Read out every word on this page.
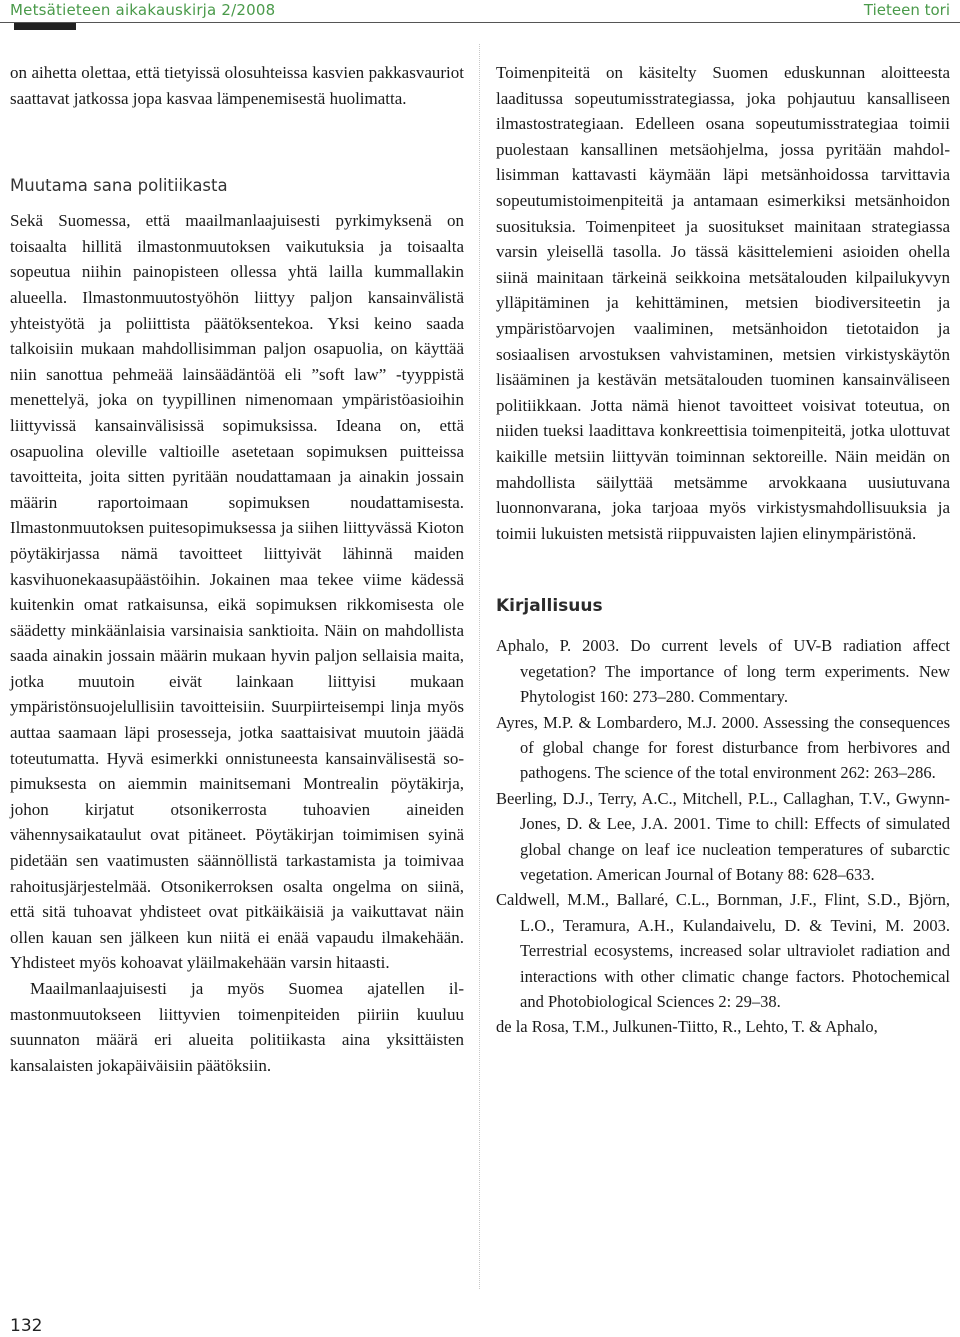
Metsätieteen aikakauskirja 2/2008	Tieteen tori

on aihetta olettaa, että tietyissä olosuhteissa kasvien pakkasvauriot saattavat jatkossa jopa kasvaa lämpenemisestä huolimatta.

Muutama sana politiikasta

Sekä Suomessa, että maailmanlaajuisesti pyrkimyksenä on toisaalta hillitä ilmastonmuutoksen vaikutuksia ja toisaalta sopeutua niihin painopisteen ollessa yhtä lailla kummallakin alueella. Ilmastonmuutostyöhön liittyy paljon kansainvälistä yhteistyötä ja poliittista päätöksentekoa. Yksi keino saada talkoisiin mukaan mahdollisimman paljon osapuolia, on käyttää niin sanottua pehmeää lainsäädäntöä eli ”soft law” -tyyppistä menettelyä, joka on tyypillinen nimenomaan ympäristöasioihin liittyvissä kansainvälisissä sopimuksissa. Ideana on, että osapuolina oleville valtioille asetetaan sopimuksen puitteissa tavoitteita, joita sitten pyritään noudattamaan ja ainakin jossain määrin raportoimaan sopimuksen noudattamisesta. Ilmastonmuutoksen puitesopimuksessa ja siihen liittyvässä Kioton pöytäkirjassa nämä tavoitteet liittyivät lähinnä maiden kasvihuonekaasupäästöihin. Jokainen maa tekee viime kädessä kuitenkin omat ratkaisunsa, eikä sopimuksen rikkomisesta ole säädetty minkäänlaisia varsinaisia sanktioita. Näin on mahdollista saada ainakin jossain määrin mukaan hyvin paljon sellaisia maita, jotka muutoin eivät lainkaan liittyisi mukaan ympäristönsuojelullisiin tavoitteisiin. Suurpiirteisempi linja myös auttaa saamaan läpi prosesseja, jotka saattaisivat muutoin jäädä toteutumatta. Hyvä esimerkki onnistuneesta kansainvälisestä sopimuksesta on aiemmin mainitsemani Montrealin pöytäkirja, johon kirjatut otsonikerrosta tuhoavien aineiden vähennysaikataulut ovat pitäneet. Pöytäkirjan toimimisen syinä pidetään sen vaatimusten säännöllistä tarkastamista ja toimivaa rahoitusjärjestelmää. Otsonikerroksen osalta ongelma on siinä, että sitä tuhoavat yhdisteet ovat pitkäikäisiä ja vaikuttavat näin ollen kauan sen jälkeen kun niitä ei enää vapaudu ilmakehään. Yhdisteet myös kohoavat yläilmakehään varsin hitaasti.

Maailmanlaajuisesti ja myös Suomea ajatellen ilmastonmuutokseen liittyvien toimenpiteiden piiriin kuuluu suunnaton määrä eri alueita politiikasta aina yksittäisten kansalaisten jokapäiväisiin päätöksiin.

Toimenpiteitä on käsitelty Suomen eduskunnan aloitteesta laaditussa sopeutumisstrategiassa, joka pohjautuu kansalliseen ilmastostrategiaan. Edelleen osana sopeutumisstrategiaa toimii puolestaan kansallinen metsäohjelma, jossa pyritään mahdollisimman kattavasti käymään läpi metsänhoidossa tarvittavia sopeutumistoimenpiteitä ja antamaan esimerkiksi metsänhoidon suosituksia. Toimenpiteet ja suositukset mainitaan strategiassa varsin yleisellä tasolla. Jo tässä käsittelemieni asioiden ohella siinä mainitaan tärkeinä seikkoina metsätalouden kilpailukyvyn ylläpitäminen ja kehittäminen, metsien biodiversiteetin ja ympäristöarvojen vaaliminen, metsänhoidon tietotaidon ja sosiaalisen arvostuksen vahvistaminen, metsien virkistyskäytön lisääminen ja kestävän metsätalouden tuominen kansainväliseen politiikkaan. Jotta nämä hienot tavoitteet voisivat toteutua, on niiden tueksi laadittava konkreettisia toimenpiteitä, jotka ulottuvat kaikille metsiin liittyvän toiminnan sektoreille. Näin meidän on mahdollista säilyttää metsämme arvokkaana uusiutuvana luonnonvarana, joka tarjoaa myös virkistysmahdollisuuksia ja toimii lukuisten metsistä riippuvaisten lajien elinympäristönä.

Kirjallisuus

Aphalo, P. 2003. Do current levels of UV-B radiation affect vegetation? The importance of long term experiments. New Phytologist 160: 273–280. Commentary.

Ayres, M.P. & Lombardero, M.J. 2000. Assessing the consequences of global change for forest disturbance from herbivores and pathogens. The science of the total environment 262: 263–286.

Beerling, D.J., Terry, A.C., Mitchell, P.L., Callaghan, T.V., Gwynn-Jones, D. & Lee, J.A. 2001. Time to chill: Effects of simulated global change on leaf ice nucleation temperatures of subarctic vegetation. American Journal of Botany 88: 628–633.

Caldwell, M.M., Ballaré, C.L., Bornman, J.F., Flint, S.D., Björn, L.O., Teramura, A.H., Kulandaivelu, D. & Tevini, M. 2003. Terrestrial ecosystems, increased solar ultraviolet radiation and interactions with other climatic change factors. Photochemical and Photobiological Sciences 2: 29–38.

de la Rosa, T.M., Julkunen-Tiitto, R., Lehto, T. & Aphalo,

132
